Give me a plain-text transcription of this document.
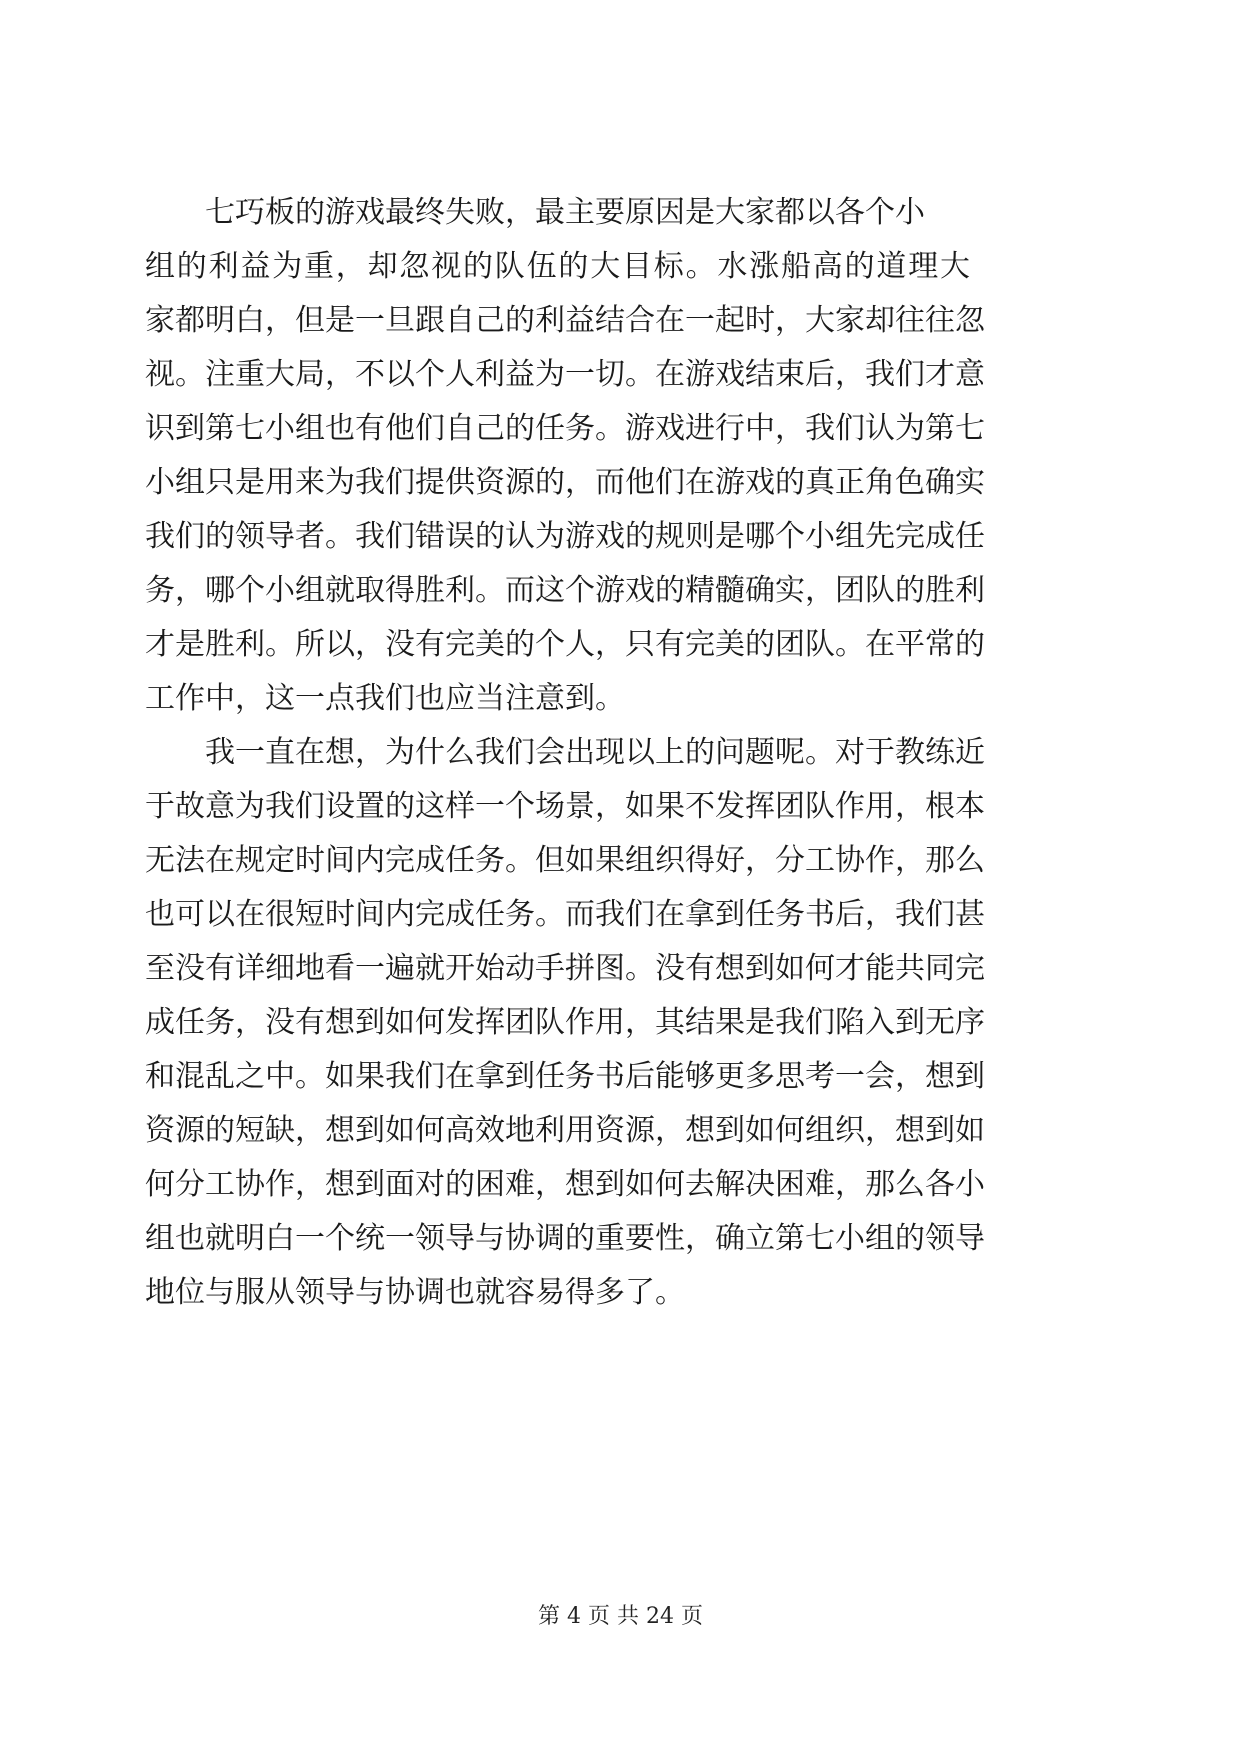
七巧板的游戏最终失败，最主要原因是大家都以各个小
组的利益为重，却忽视的队伍的大目标。水涨船高的道理大
家都明白，但是一旦跟自己的利益结合在一起时，大家却往往忽
视。注重大局，不以个人利益为一切。在游戏结束后，我们才意
识到第七小组也有他们自己的任务。游戏进行中，我们认为第七
小组只是用来为我们提供资源的，而他们在游戏的真正角色确实
我们的领导者。我们错误的认为游戏的规则是哪个小组先完成任
务，哪个小组就取得胜利。而这个游戏的精髓确实，团队的胜利
才是胜利。所以，没有完美的个人，只有完美的团队。在平常的
工作中，这一点我们也应当注意到。
我一直在想，为什么我们会出现以上的问题呢。对于教练近
于故意为我们设置的这样一个场景，如果不发挥团队作用，根本
无法在规定时间内完成任务。但如果组织得好，分工协作，那么
也可以在很短时间内完成任务。而我们在拿到任务书后，我们甚
至没有详细地看一遍就开始动手拼图。没有想到如何才能共同完
成任务，没有想到如何发挥团队作用，其结果是我们陷入到无序
和混乱之中。如果我们在拿到任务书后能够更多思考一会，想到
资源的短缺，想到如何高效地利用资源，想到如何组织，想到如
何分工协作，想到面对的困难，想到如何去解决困难，那么各小
组也就明白一个统一领导与协调的重要性，确立第七小组的领导
地位与服从领导与协调也就容易得多了。
第 4 页 共 24 页
